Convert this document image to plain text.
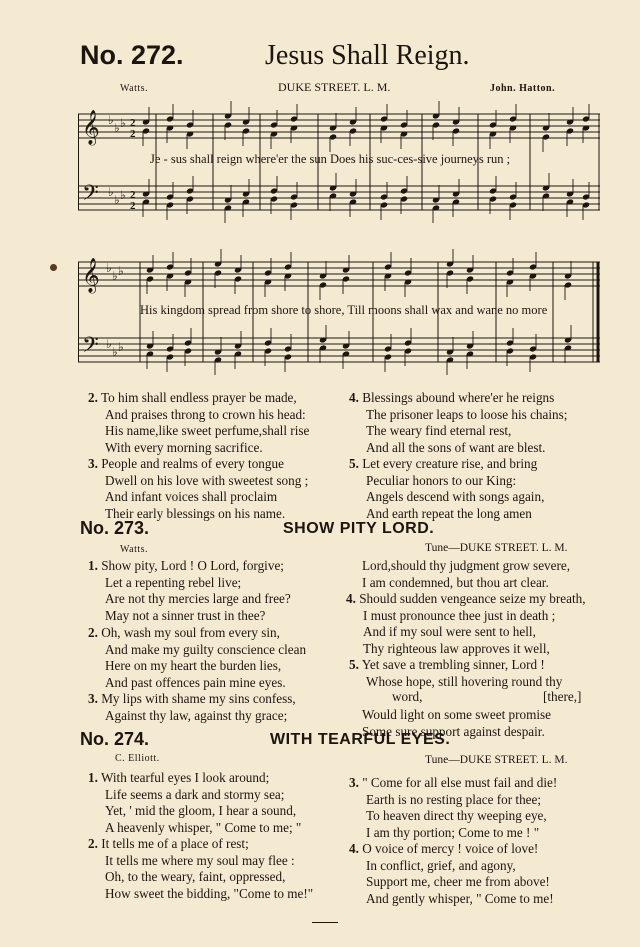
No. 272.	Jesus Shall Reign.
Watts.	DUKE STREET. L. M.	John. Hatton.
𝄞
𝄢
♭
♭ ♭
♭
♭ ♭
2
2
2
2
Je - sus shall reign where'er the sun Does his suc-ces-sive journeys run ;
𝄞
𝄢
♭
♭ ♭
♭
♭ ♭
His kingdom spread from shore to shore, Till moons shall wax and wane no more
2. To him shall endless prayer be made,
And praises throng to crown his head:
His name,like sweet perfume,shall rise
With every morning sacrifice.
3. People and realms of every tongue
Dwell on his love with sweetest song ;
And infant voices shall proclaim
Their early blessings on his name.
4. Blessings abound where'er he reigns
The prisoner leaps to loose his chains;
The weary find eternal rest,
And all the sons of want are blest.
5. Let every creature rise, and bring
Peculiar honors to our King:
Angels descend with songs again,
And earth repeat the long amen
No. 273.	SHOW PITY LORD.
Watts.	Tune—DUKE STREET. L. M.
1. Show pity, Lord ! O Lord, forgive;
Let a repenting rebel live;
Are not thy mercies large and free?
May not a sinner trust in thee?
2. Oh, wash my soul from every sin,
And make my guilty conscience clean
Here on my heart the burden lies,
And past offences pain mine eyes.
3. My lips with shame my sins confess,
Against thy law, against thy grace;
Lord,should thy judgment grow severe,
I am condemned, but thou art clear.
4. Should sudden vengeance seize my breath,
I must pronounce thee just in death ;
And if my soul were sent to hell,
Thy righteous law approves it well,
5. Yet save a trembling sinner, Lord !
Whose hope, still hovering round thy
word,	[there,]
Would light on some sweet promise
Some sure support against despair.
No. 274.	WITH TEARFUL EYES.
C. Elliott.	Tune—DUKE STREET. L. M.
1. With tearful eyes I look around;
Life seems a dark and stormy sea;
Yet, ' mid the gloom, I hear a sound,
A heavenly whisper, " Come to me; "
2. It tells me of a place of rest;
It tells me where my soul may flee :
Oh, to the weary, faint, oppressed,
How sweet the bidding, "Come to me!"
3. " Come for all else must fail and die!
Earth is no resting place for thee;
To heaven direct thy weeping eye,
I am thy portion; Come to me ! "
4. O voice of mercy ! voice of love!
In conflict, grief, and agony,
Support me, cheer me from above!
And gently whisper, " Come to me!
